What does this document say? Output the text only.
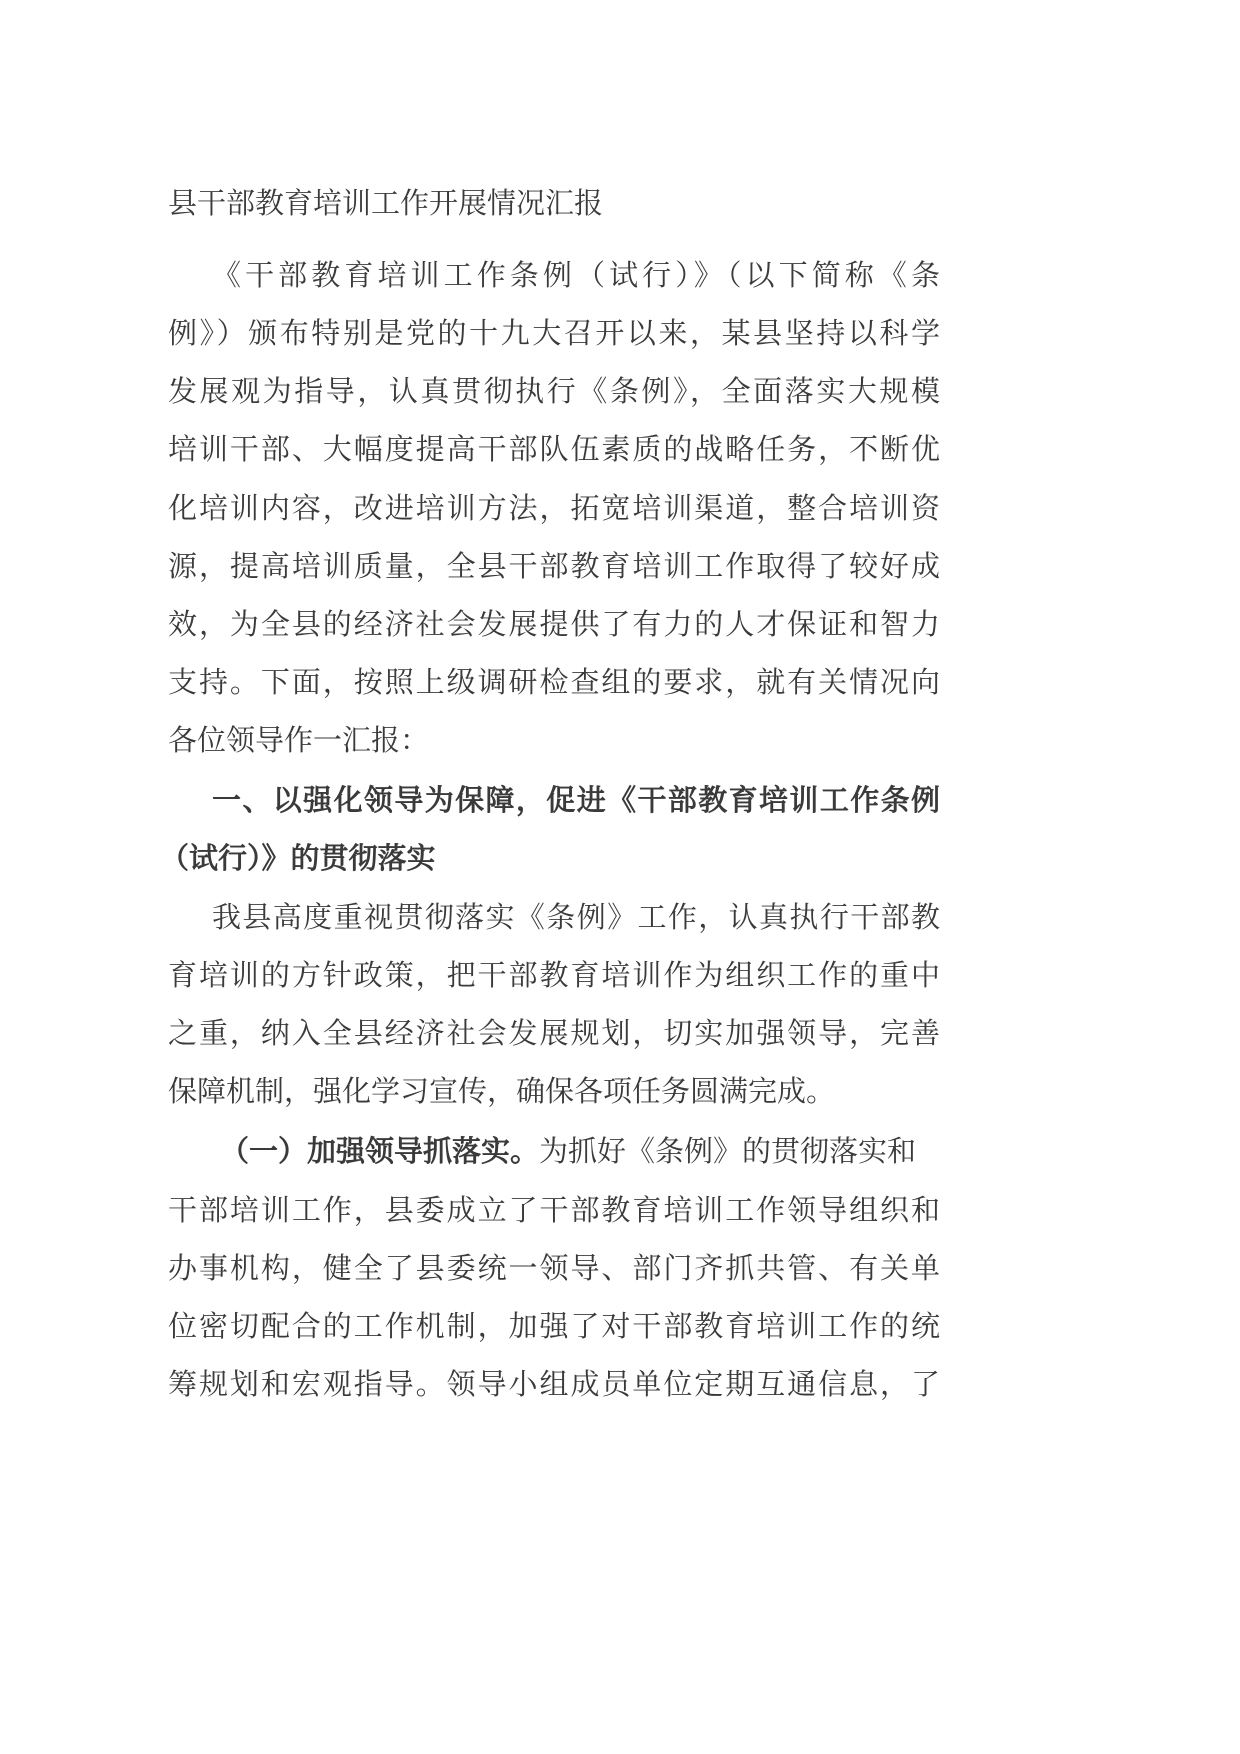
县干部教育培训工作开展情况汇报
《干部教育培训工作条例（试行）》（以下简称《条
例》）颁布特别是党的十九大召开以来，某县坚持以科学
发展观为指导，认真贯彻执行《条例》，全面落实大规模
培训干部、大幅度提高干部队伍素质的战略任务，不断优
化培训内容，改进培训方法，拓宽培训渠道，整合培训资
源，提高培训质量，全县干部教育培训工作取得了较好成
效，为全县的经济社会发展提供了有力的人才保证和智力
支持。下面，按照上级调研检查组的要求，就有关情况向
各位领导作一汇报：
一、以强化领导为保障，促进《干部教育培训工作条例
（试行）》的贯彻落实
我县高度重视贯彻落实《条例》工作，认真执行干部教
育培训的方针政策，把干部教育培训作为组织工作的重中
之重，纳入全县经济社会发展规划，切实加强领导，完善
保障机制，强化学习宣传，确保各项任务圆满完成。
（一）加强领导抓落实。为抓好《条例》的贯彻落实和
干部培训工作，县委成立了干部教育培训工作领导组织和
办事机构，健全了县委统一领导、部门齐抓共管、有关单
位密切配合的工作机制，加强了对干部教育培训工作的统
筹规划和宏观指导。领导小组成员单位定期互通信息，了
